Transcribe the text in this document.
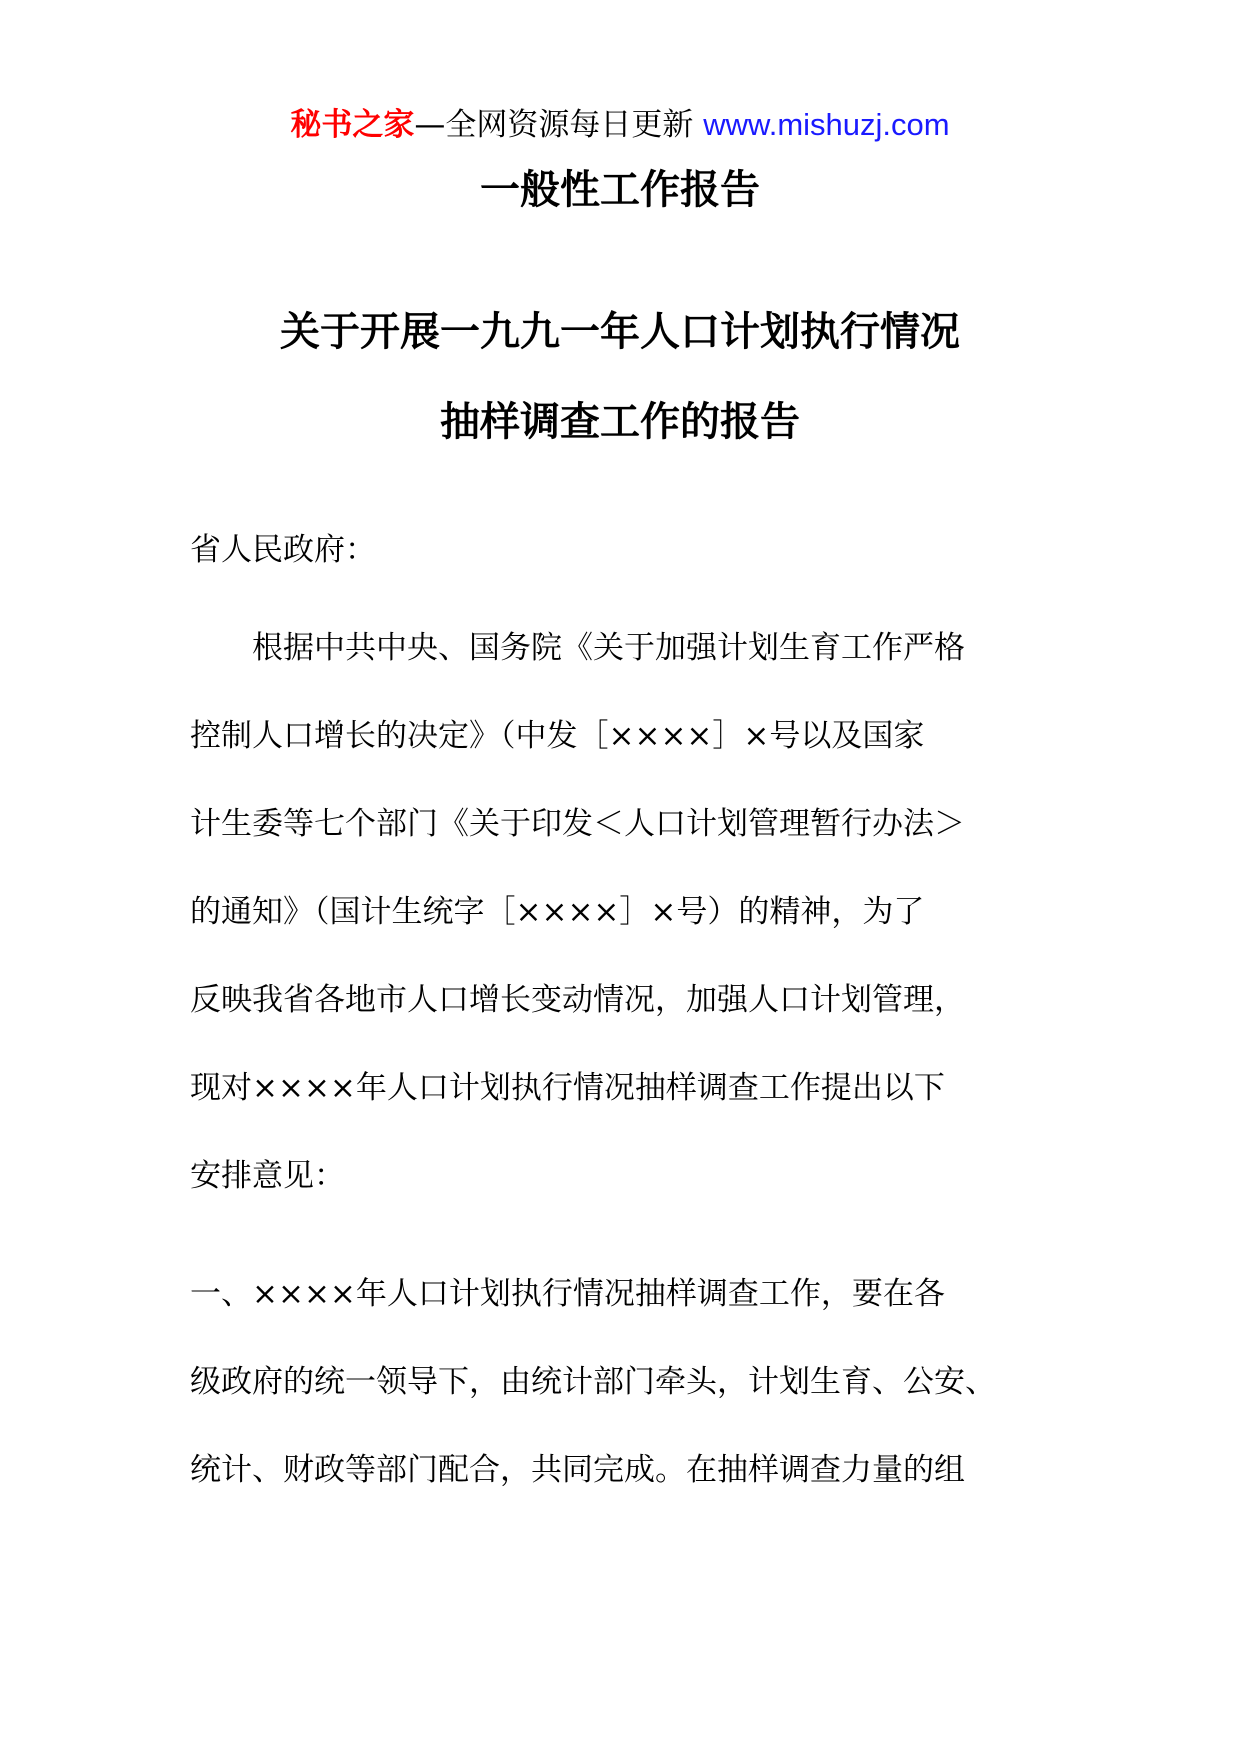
秘书之家—全网资源每日更新 www.mishuzj.com
一般性工作报告
关于开展一九九一年人口计划执行情况
抽样调查工作的报告
省人民政府：
根据中共中央、国务院《关于加强计划生育工作严格
控制人口增长的决定》（中发［××××］×号以及国家
计生委等七个部门《关于印发＜人口计划管理暂行办法＞
的通知》（国计生统字［××××］×号）的精神，为了
反映我省各地市人口增长变动情况，加强人口计划管理，
现对××××年人口计划执行情况抽样调查工作提出以下
安排意见：
一、××××年人口计划执行情况抽样调查工作，要在各
级政府的统一领导下，由统计部门牵头，计划生育、公安、
统计、财政等部门配合，共同完成。在抽样调查力量的组
